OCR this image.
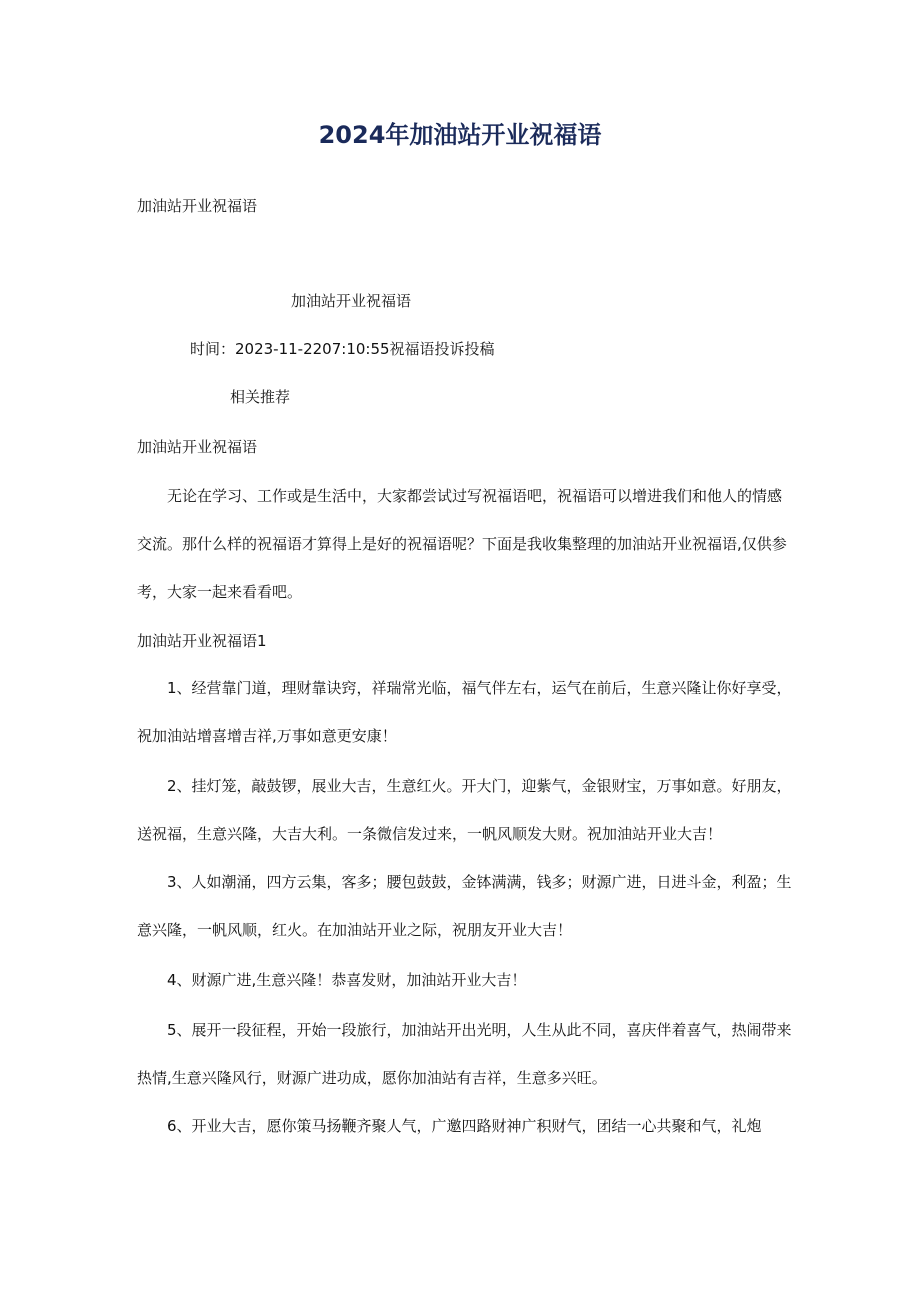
2024年加油站开业祝福语
加油站开业祝福语
加油站开业祝福语
时间：2023-11-2207:10:55祝福语投诉投稿
相关推荐
加油站开业祝福语
无论在学习、工作或是生活中，大家都尝试过写祝福语吧，祝福语可以增进我们和他人的情感交流。那什么样的祝福语才算得上是好的祝福语呢？下面是我收集整理的加油站开业祝福语,仅供参考，大家一起来看看吧。
加油站开业祝福语1
1、经营靠门道，理财靠诀窍，祥瑞常光临，福气伴左右，运气在前后，生意兴隆让你好享受，祝加油站增喜增吉祥,万事如意更安康！
2、挂灯笼，敲鼓锣，展业大吉，生意红火。开大门，迎紫气，金银财宝，万事如意。好朋友，送祝福，生意兴隆，大吉大利。一条微信发过来，一帆风顺发大财。祝加油站开业大吉！
3、人如潮涌，四方云集，客多；腰包鼓鼓，金钵满满，钱多；财源广进，日进斗金，利盈；生意兴隆，一帆风顺，红火。在加油站开业之际，祝朋友开业大吉！
4、财源广进,生意兴隆！恭喜发财，加油站开业大吉！
5、展开一段征程，开始一段旅行，加油站开出光明，人生从此不同，喜庆伴着喜气，热闹带来热情,生意兴隆风行，财源广进功成，愿你加油站有吉祥，生意多兴旺。
6、开业大吉，愿你策马扬鞭齐聚人气，广邀四路财神广积财气，团结一心共聚和气，礼炮
